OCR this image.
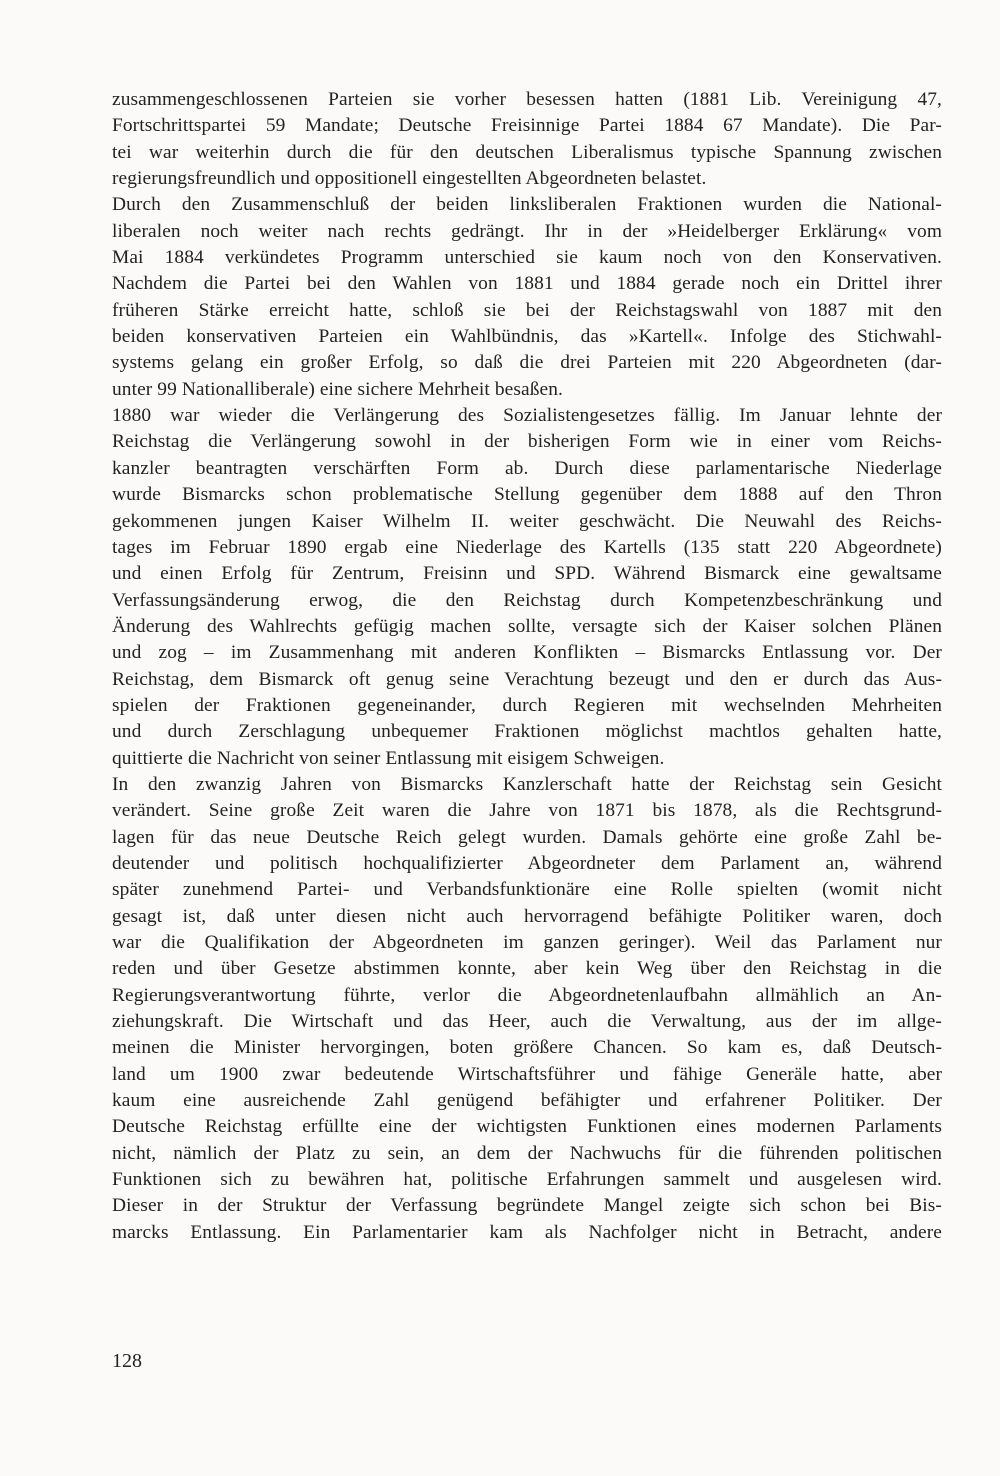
zusammengeschlossenen Parteien sie vorher besessen hatten (1881 Lib. Vereinigung 47,
Fortschrittspartei 59 Mandate; Deutsche Freisinnige Partei 1884 67 Mandate). Die Par-
tei war weiterhin durch die für den deutschen Liberalismus typische Spannung zwischen
regierungsfreundlich und oppositionell eingestellten Abgeordneten belastet.
Durch den Zusammenschluß der beiden linksliberalen Fraktionen wurden die National-
liberalen noch weiter nach rechts gedrängt. Ihr in der »Heidelberger Erklärung« vom
Mai 1884 verkündetes Programm unterschied sie kaum noch von den Konservativen.
Nachdem die Partei bei den Wahlen von 1881 und 1884 gerade noch ein Drittel ihrer
früheren Stärke erreicht hatte, schloß sie bei der Reichstagswahl von 1887 mit den
beiden konservativen Parteien ein Wahlbündnis, das »Kartell«. Infolge des Stichwahl-
systems gelang ein großer Erfolg, so daß die drei Parteien mit 220 Abgeordneten (dar-
unter 99 Nationalliberale) eine sichere Mehrheit besaßen.
1880 war wieder die Verlängerung des Sozialistengesetzes fällig. Im Januar lehnte der
Reichstag die Verlängerung sowohl in der bisherigen Form wie in einer vom Reichs-
kanzler beantragten verschärften Form ab. Durch diese parlamentarische Niederlage
wurde Bismarcks schon problematische Stellung gegenüber dem 1888 auf den Thron
gekommenen jungen Kaiser Wilhelm II. weiter geschwächt. Die Neuwahl des Reichs-
tages im Februar 1890 ergab eine Niederlage des Kartells (135 statt 220 Abgeordnete)
und einen Erfolg für Zentrum, Freisinn und SPD. Während Bismarck eine gewaltsame
Verfassungsänderung erwog, die den Reichstag durch Kompetenzbeschränkung und
Änderung des Wahlrechts gefügig machen sollte, versagte sich der Kaiser solchen Plänen
und zog – im Zusammenhang mit anderen Konflikten – Bismarcks Entlassung vor. Der
Reichstag, dem Bismarck oft genug seine Verachtung bezeugt und den er durch das Aus-
spielen der Fraktionen gegeneinander, durch Regieren mit wechselnden Mehrheiten
und durch Zerschlagung unbequemer Fraktionen möglichst machtlos gehalten hatte,
quittierte die Nachricht von seiner Entlassung mit eisigem Schweigen.
In den zwanzig Jahren von Bismarcks Kanzlerschaft hatte der Reichstag sein Gesicht
verändert. Seine große Zeit waren die Jahre von 1871 bis 1878, als die Rechtsgrund-
lagen für das neue Deutsche Reich gelegt wurden. Damals gehörte eine große Zahl be-
deutender und politisch hochqualifizierter Abgeordneter dem Parlament an, während
später zunehmend Partei- und Verbandsfunktionäre eine Rolle spielten (womit nicht
gesagt ist, daß unter diesen nicht auch hervorragend befähigte Politiker waren, doch
war die Qualifikation der Abgeordneten im ganzen geringer). Weil das Parlament nur
reden und über Gesetze abstimmen konnte, aber kein Weg über den Reichstag in die
Regierungsverantwortung führte, verlor die Abgeordnetenlaufbahn allmählich an An-
ziehungskraft. Die Wirtschaft und das Heer, auch die Verwaltung, aus der im allge-
meinen die Minister hervorgingen, boten größere Chancen. So kam es, daß Deutsch-
land um 1900 zwar bedeutende Wirtschaftsführer und fähige Generäle hatte, aber
kaum eine ausreichende Zahl genügend befähigter und erfahrener Politiker. Der
Deutsche Reichstag erfüllte eine der wichtigsten Funktionen eines modernen Parlaments
nicht, nämlich der Platz zu sein, an dem der Nachwuchs für die führenden politischen
Funktionen sich zu bewähren hat, politische Erfahrungen sammelt und ausgelesen wird.
Dieser in der Struktur der Verfassung begründete Mangel zeigte sich schon bei Bis-
marcks Entlassung. Ein Parlamentarier kam als Nachfolger nicht in Betracht, andere
128
